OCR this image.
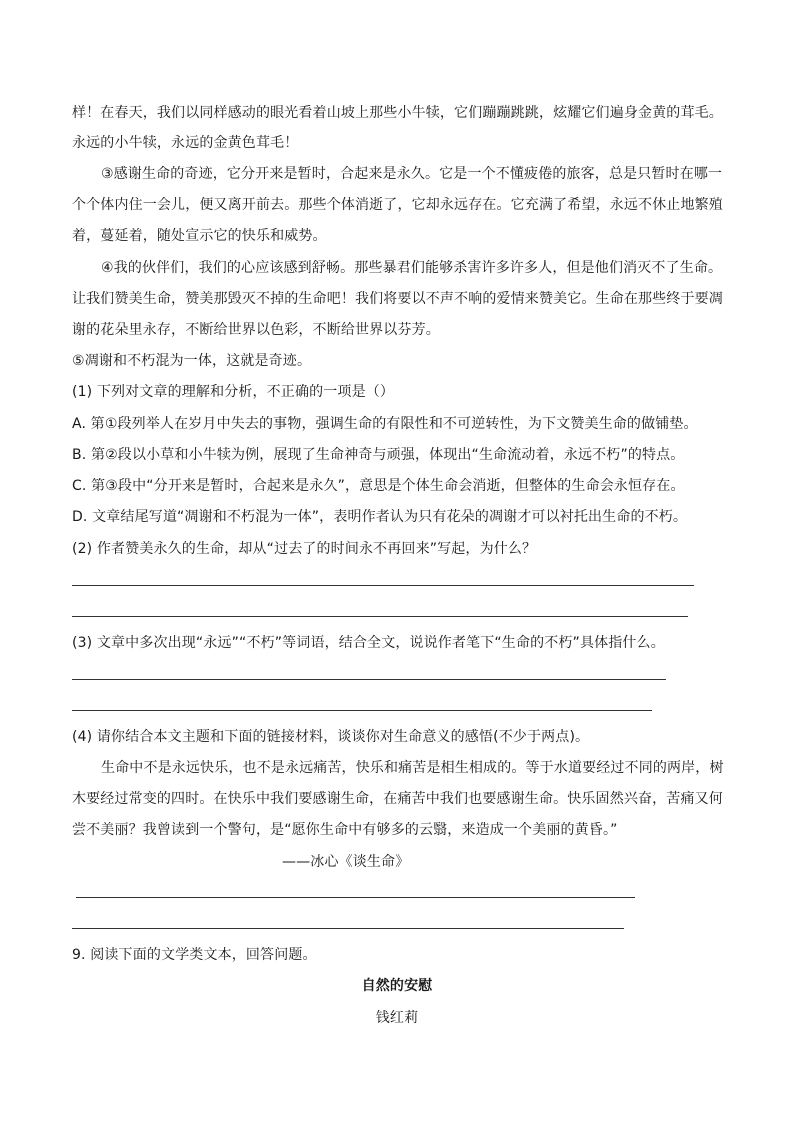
样！在春天，我们以同样感动的眼光看着山坡上那些小牛犊，它们蹦蹦跳跳，炫耀它们遍身金黄的茸毛。
永远的小牛犊，永远的金黄色茸毛！
③感谢生命的奇迹，它分开来是暂时，合起来是永久。它是一个不懂疲倦的旅客，总是只暂时在哪一
个个体内住一会儿，便又离开前去。那些个体消逝了，它却永远存在。它充满了希望，永远不休止地繁殖
着，蔓延着，随处宣示它的快乐和威势。
④我的伙伴们，我们的心应该感到舒畅。那些暴君们能够杀害许多许多人，但是他们消灭不了生命。
让我们赞美生命，赞美那毁灭不掉的生命吧！我们将要以不声不响的爱情来赞美它。生命在那些终于要凋
谢的花朵里永存，不断给世界以色彩，不断给世界以芬芳。
⑤凋谢和不朽混为一体，这就是奇迹。
(1) 下列对文章的理解和分析，不正确的一项是（）
A. 第①段列举人在岁月中失去的事物，强调生命的有限性和不可逆转性，为下文赞美生命的做铺垫。
B. 第②段以小草和小牛犊为例，展现了生命神奇与顽强，体现出“生命流动着，永远不朽”的特点。
C. 第③段中“分开来是暂时，合起来是永久”，意思是个体生命会消逝，但整体的生命会永恒存在。
D. 文章结尾写道“凋谢和不朽混为一体”，表明作者认为只有花朵的凋谢才可以衬托出生命的不朽。
(2) 作者赞美永久的生命，却从“过去了的时间永不再回来”写起，为什么？
(3) 文章中多次出现“永远”“不朽”等词语，结合全文，说说作者笔下“生命的不朽”具体指什么。
(4) 请你结合本文主题和下面的链接材料，谈谈你对生命意义的感悟(不少于两点)。
生命中不是永远快乐，也不是永远痛苦，快乐和痛苦是相生相成的。等于水道要经过不同的两岸，树
木要经过常变的四时。在快乐中我们要感谢生命，在痛苦中我们也要感谢生命。快乐固然兴奋，苦痛又何
尝不美丽？我曾读到一个警句，是“愿你生命中有够多的云翳，来造成一个美丽的黄昏。”
——冰心《谈生命》
9. 阅读下面的文学类文本，回答问题。
自然的安慰
钱红莉
